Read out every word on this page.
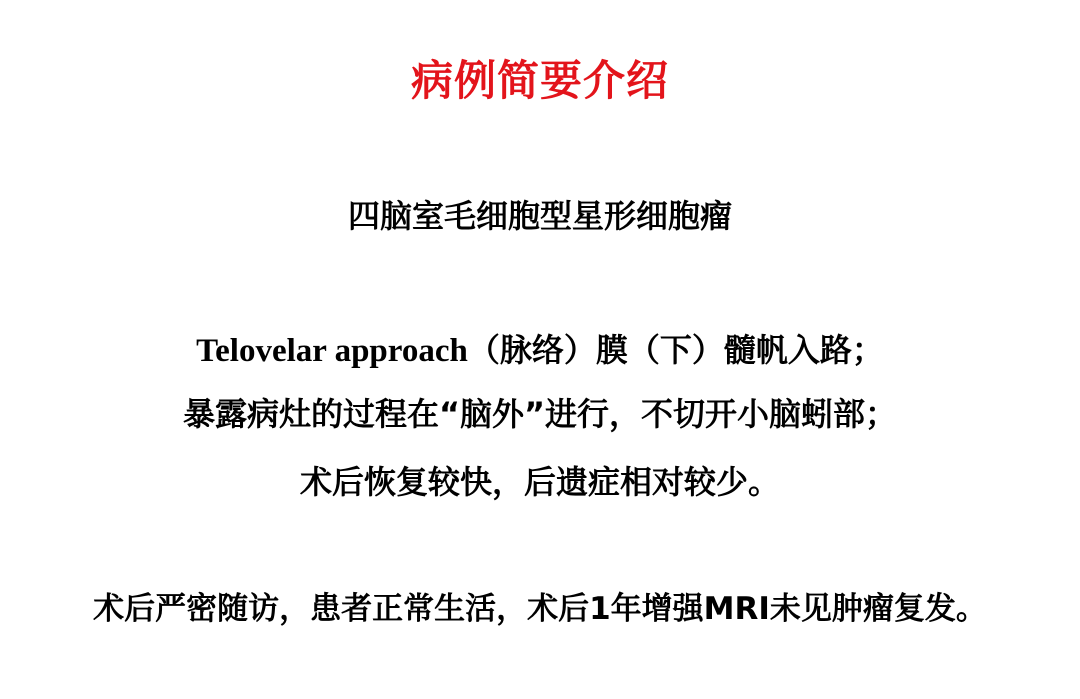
病例简要介绍
四脑室毛细胞型星形细胞瘤
Telovelar approach（脉络）膜（下）髓帆入路；
暴露病灶的过程在“脑外”进行，不切开小脑蚓部；
术后恢复较快，后遗症相对较少。
术后严密随访，患者正常生活，术后1年增强MRI未见肿瘤复发。
